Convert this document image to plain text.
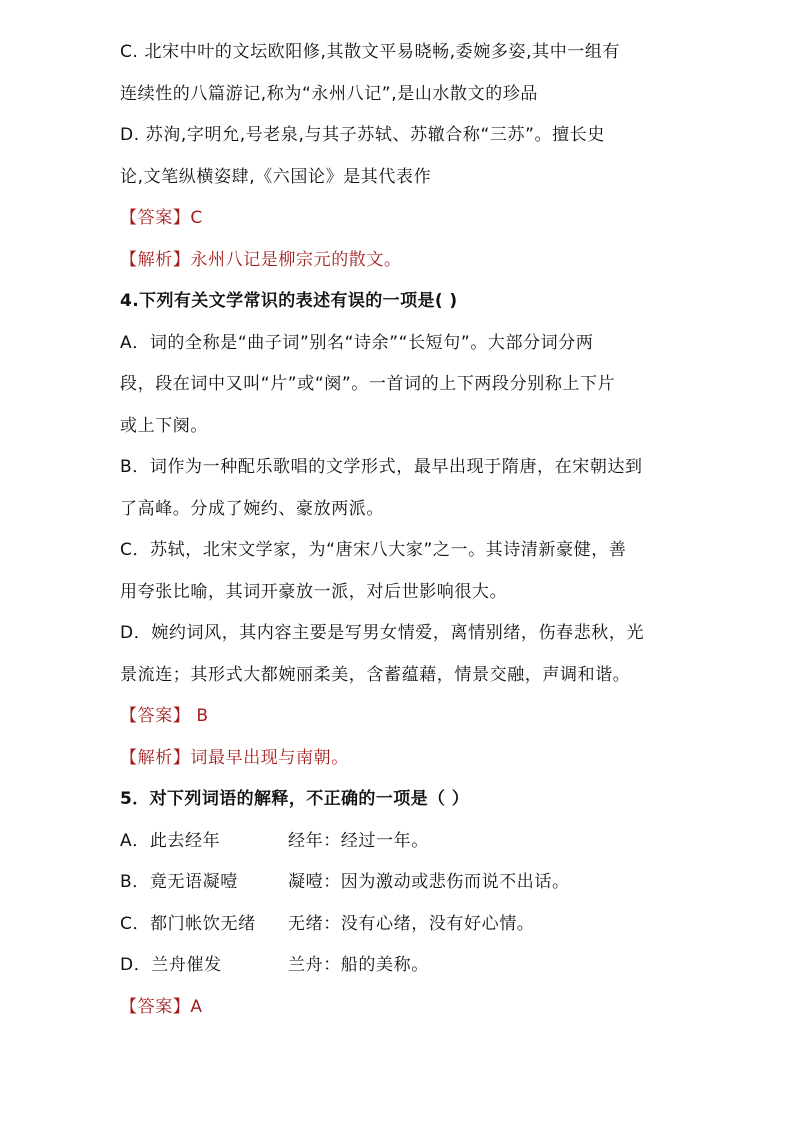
C. 北宋中叶的文坛欧阳修,其散文平易晓畅,委婉多姿,其中一组有
连续性的八篇游记,称为“永州八记”,是山水散文的珍品
D. 苏洵,字明允,号老泉,与其子苏轼、苏辙合称“三苏”。擅长史
论,文笔纵横姿肆,《六国论》是其代表作
【答案】C
【解析】永州八记是柳宗元的散文。
4.下列有关文学常识的表述有误的一项是( )
A．词的全称是“曲子词”别名“诗余”“长短句”。大部分词分两
段，段在词中又叫“片”或“阕”。一首词的上下两段分别称上下片
或上下阕。
B．词作为一种配乐歌唱的文学形式，最早出现于隋唐，在宋朝达到
了高峰。分成了婉约、豪放两派。
C．苏轼，北宋文学家，为“唐宋八大家”之一。其诗清新豪健，善
用夸张比喻，其词开豪放一派，对后世影响很大。
D．婉约词风，其内容主要是写男女情爱，离情别绪，伤春悲秋，光
景流连；其形式大都婉丽柔美，含蓄蕴藉，情景交融，声调和谐。
【答案】 B
【解析】词最早出现与南朝。
5．对下列词语的解释，不正确的一项是（ ）
A．此去经年	经年：经过一年。
B．竟无语凝噎	凝噎：因为激动或悲伤而说不出话。
C．都门帐饮无绪 无绪：没有心绪，没有好心情。
D．兰舟催发	兰舟：船的美称。
【答案】A
